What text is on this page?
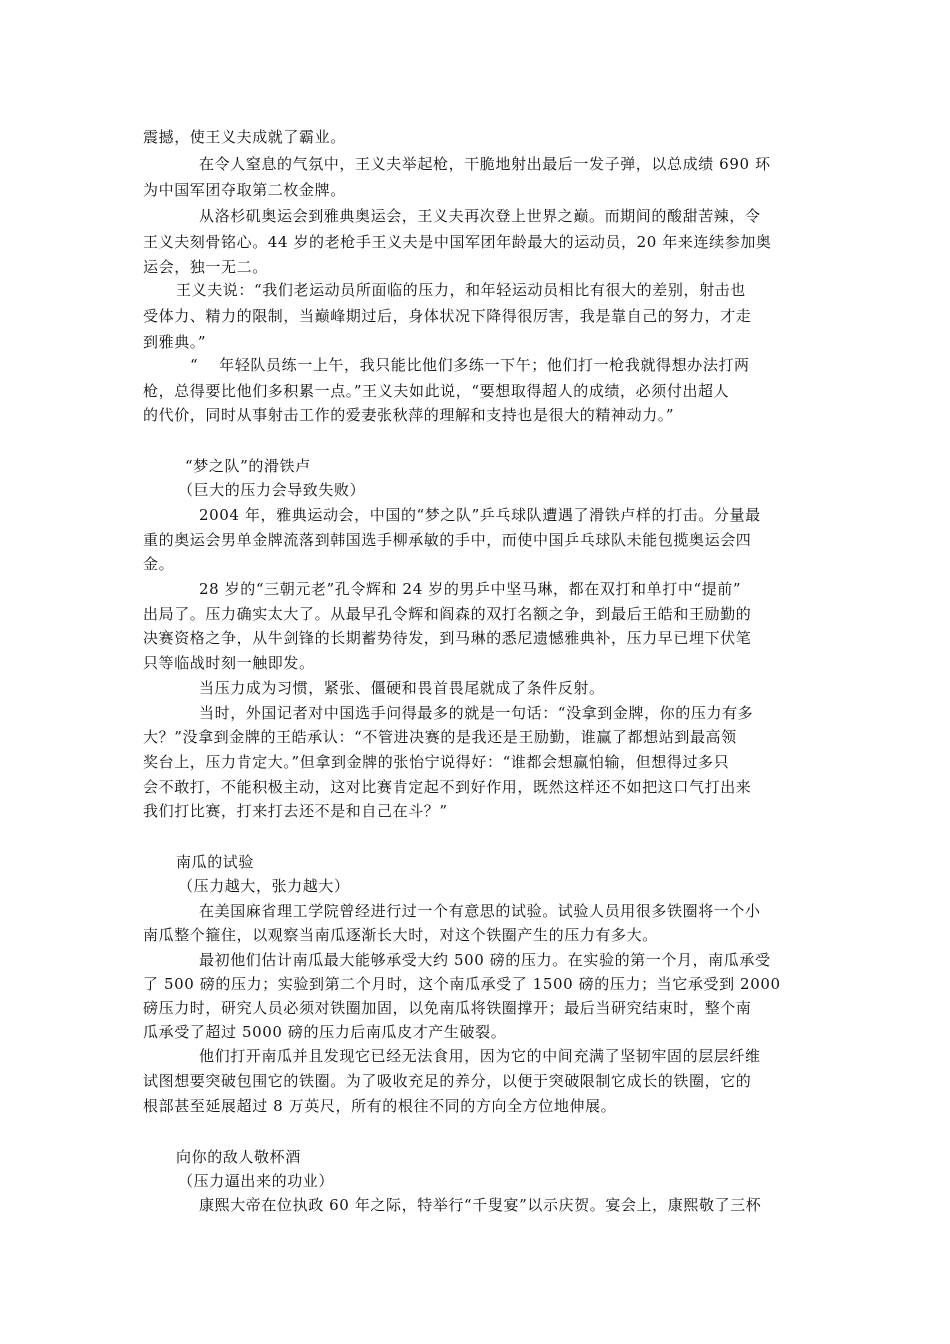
震撼，使王义夫成就了霸业。
在令人窒息的气氛中，王义夫举起枪，干脆地射出最后一发子弹，以总成绩 690 环
为中国军团夺取第二枚金牌。
从洛杉矶奥运会到雅典奥运会，王义夫再次登上世界之巅。而期间的酸甜苦辣，令
王义夫刻骨铭心。44 岁的老枪手王义夫是中国军团年龄最大的运动员，20 年来连续参加奥
运会，独一无二。
王义夫说：“我们老运动员所面临的压力，和年轻运动员相比有很大的差别，射击也
受体力、精力的限制，当巅峰期过后，身体状况下降得很厉害，我是靠自己的努力，才走
到雅典。”
“　 年轻队员练一上午，我只能比他们多练一下午；他们打一枪我就得想办法打两
枪，总得要比他们多积累一点。”王义夫如此说，“要想取得超人的成绩，必须付出超人
的代价，同时从事射击工作的爱妻张秋萍的理解和支持也是很大的精神动力。”
“梦之队”的滑铁卢
（巨大的压力会导致失败）
2004 年，雅典运动会，中国的“梦之队”乒乓球队遭遇了滑铁卢样的打击。分量最
重的奥运会男单金牌流落到韩国选手柳承敏的手中，而使中国乒乓球队未能包揽奥运会四
金。
28 岁的“三朝元老”孔令辉和 24 岁的男乒中坚马琳，都在双打和单打中“提前”
出局了。压力确实太大了。从最早孔令辉和阎森的双打名额之争，到最后王皓和王励勤的
决赛资格之争，从牛剑锋的长期蓄势待发，到马琳的悉尼遗憾雅典补，压力早已埋下伏笔
只等临战时刻一触即发。
当压力成为习惯，紧张、僵硬和畏首畏尾就成了条件反射。
当时，外国记者对中国选手问得最多的就是一句话：“没拿到金牌，你的压力有多
大？”没拿到金牌的王皓承认：“不管进决赛的是我还是王励勤，谁赢了都想站到最高领
奖台上，压力肯定大。”但拿到金牌的张怡宁说得好：“谁都会想赢怕输，但想得过多只
会不敢打，不能积极主动，这对比赛肯定起不到好作用，既然这样还不如把这口气打出来
我们打比赛，打来打去还不是和自己在斗？”
南瓜的试验
（压力越大，张力越大）
在美国麻省理工学院曾经进行过一个有意思的试验。试验人员用很多铁圈将一个小
南瓜整个箍住，以观察当南瓜逐渐长大时，对这个铁圈产生的压力有多大。
最初他们估计南瓜最大能够承受大约 500 磅的压力。在实验的第一个月，南瓜承受
了 500 磅的压力；实验到第二个月时，这个南瓜承受了 1500 磅的压力；当它承受到 2000
磅压力时，研究人员必须对铁圈加固，以免南瓜将铁圈撑开；最后当研究结束时，整个南
瓜承受了超过 5000 磅的压力后南瓜皮才产生破裂。
他们打开南瓜并且发现它已经无法食用，因为它的中间充满了坚韧牢固的层层纤维
试图想要突破包围它的铁圈。为了吸收充足的养分，以便于突破限制它成长的铁圈，它的
根部甚至延展超过 8 万英尺，所有的根往不同的方向全方位地伸展。
向你的敌人敬杯酒
（压力逼出来的功业）
康熙大帝在位执政 60 年之际，特举行“千叟宴”以示庆贺。宴会上，康熙敬了三杯
